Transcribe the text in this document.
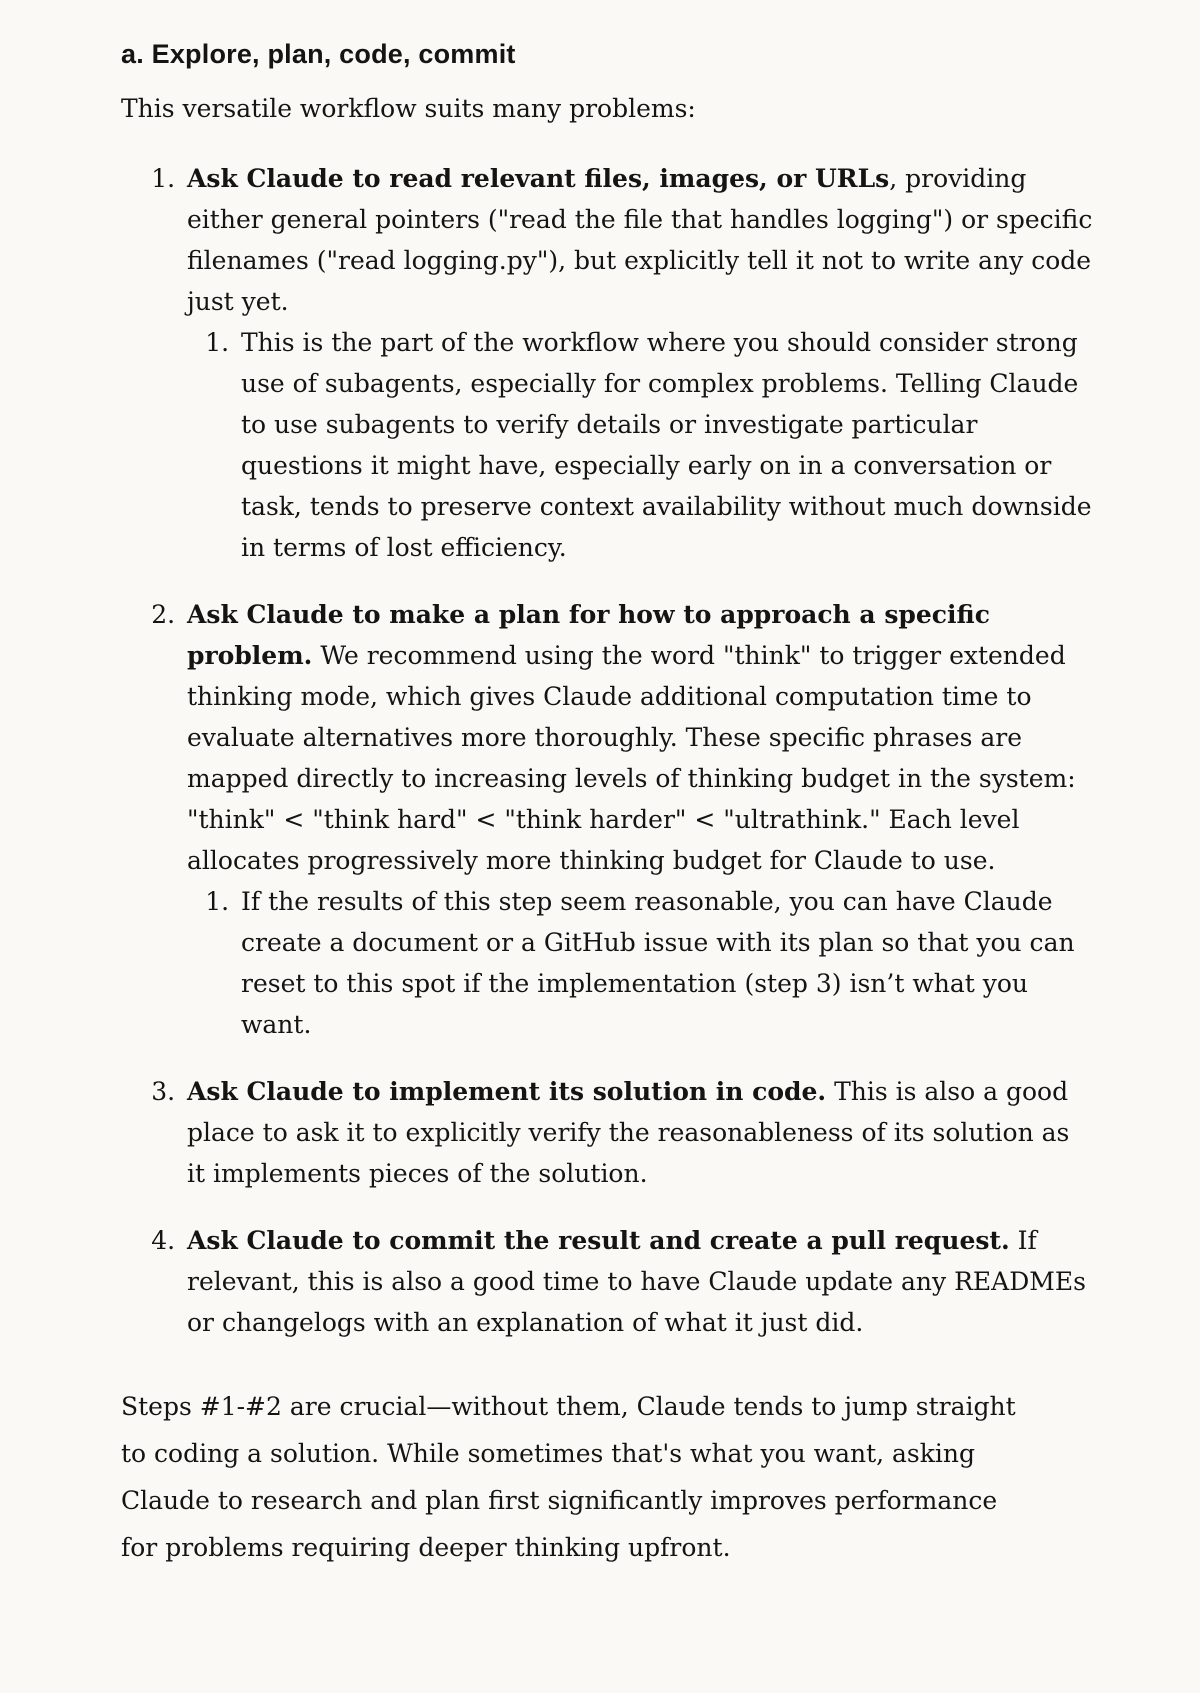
a. Explore, plan, code, commit

This versatile workflow suits many problems:

1. Ask Claude to read relevant files, images, or URLs, providing either general pointers ("read the file that handles logging") or specific filenames ("read logging.py"), but explicitly tell it not to write any code just yet.
1. This is the part of the workflow where you should consider strong use of subagents, especially for complex problems. Telling Claude to use subagents to verify details or investigate particular questions it might have, especially early on in a conversation or task, tends to preserve context availability without much downside in terms of lost efficiency.
2. Ask Claude to make a plan for how to approach a specific problem. We recommend using the word "think" to trigger extended thinking mode, which gives Claude additional computation time to evaluate alternatives more thoroughly. These specific phrases are mapped directly to increasing levels of thinking budget in the system: "think" < "think hard" < "think harder" < "ultrathink." Each level allocates progressively more thinking budget for Claude to use.
1. If the results of this step seem reasonable, you can have Claude create a document or a GitHub issue with its plan so that you can reset to this spot if the implementation (step 3) isn’t what you want.
3. Ask Claude to implement its solution in code. This is also a good place to ask it to explicitly verify the reasonableness of its solution as it implements pieces of the solution.
4. Ask Claude to commit the result and create a pull request. If relevant, this is also a good time to have Claude update any READMEs or changelogs with an explanation of what it just did.

Steps #1-#2 are crucial—without them, Claude tends to jump straight to coding a solution. While sometimes that's what you want, asking Claude to research and plan first significantly improves performance for problems requiring deeper thinking upfront.
